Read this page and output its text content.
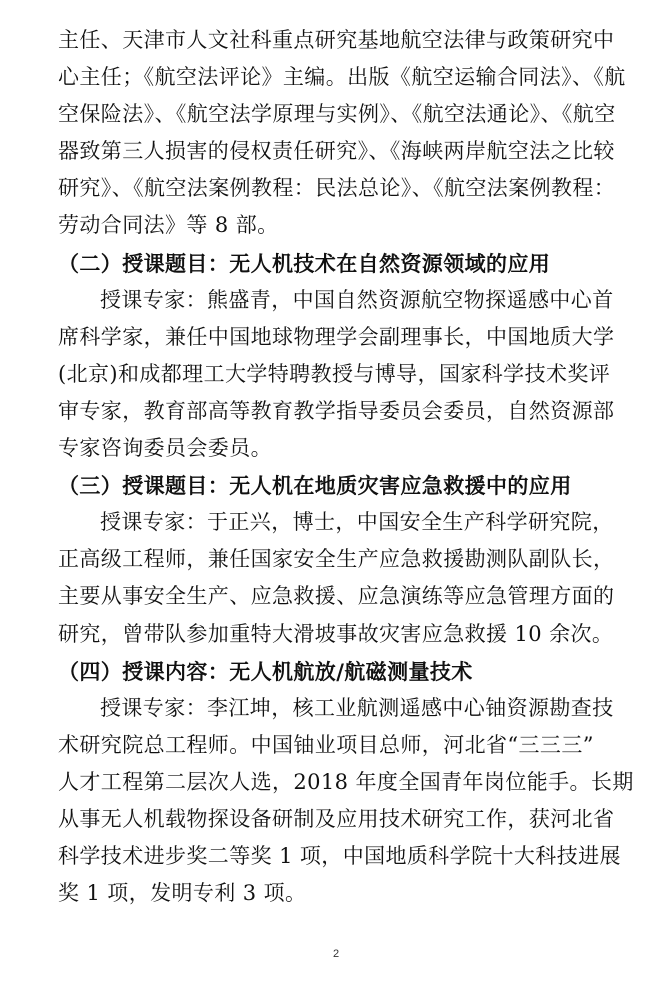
主任、天津市人文社科重点研究基地航空法律与政策研究中
心主任；《航空法评论》主编。出版《航空运输合同法》、《航
空保险法》、《航空法学原理与实例》、《航空法通论》、《航空
器致第三人损害的侵权责任研究》、《海峡两岸航空法之比较
研究》、《航空法案例教程：民法总论》、《航空法案例教程：
劳动合同法》等 8 部。
（二）授课题目：无人机技术在自然资源领域的应用
授课专家：熊盛青，中国自然资源航空物探遥感中心首
席科学家，兼任中国地球物理学会副理事长，中国地质大学
(北京)和成都理工大学特聘教授与博导，国家科学技术奖评
审专家，教育部高等教育教学指导委员会委员，自然资源部
专家咨询委员会委员。
（三）授课题目：无人机在地质灾害应急救援中的应用
授课专家：于正兴，博士，中国安全生产科学研究院，
正高级工程师，兼任国家安全生产应急救援勘测队副队长，
主要从事安全生产、应急救援、应急演练等应急管理方面的
研究，曾带队参加重特大滑坡事故灾害应急救援 10 余次。
（四）授课内容：无人机航放/航磁测量技术
授课专家：李江坤，核工业航测遥感中心铀资源勘查技
术研究院总工程师。中国铀业项目总师，河北省“三三三”
人才工程第二层次人选，2018 年度全国青年岗位能手。长期
从事无人机载物探设备研制及应用技术研究工作，获河北省
科学技术进步奖二等奖 1 项，中国地质科学院十大科技进展
奖 1 项，发明专利 3 项。
2
